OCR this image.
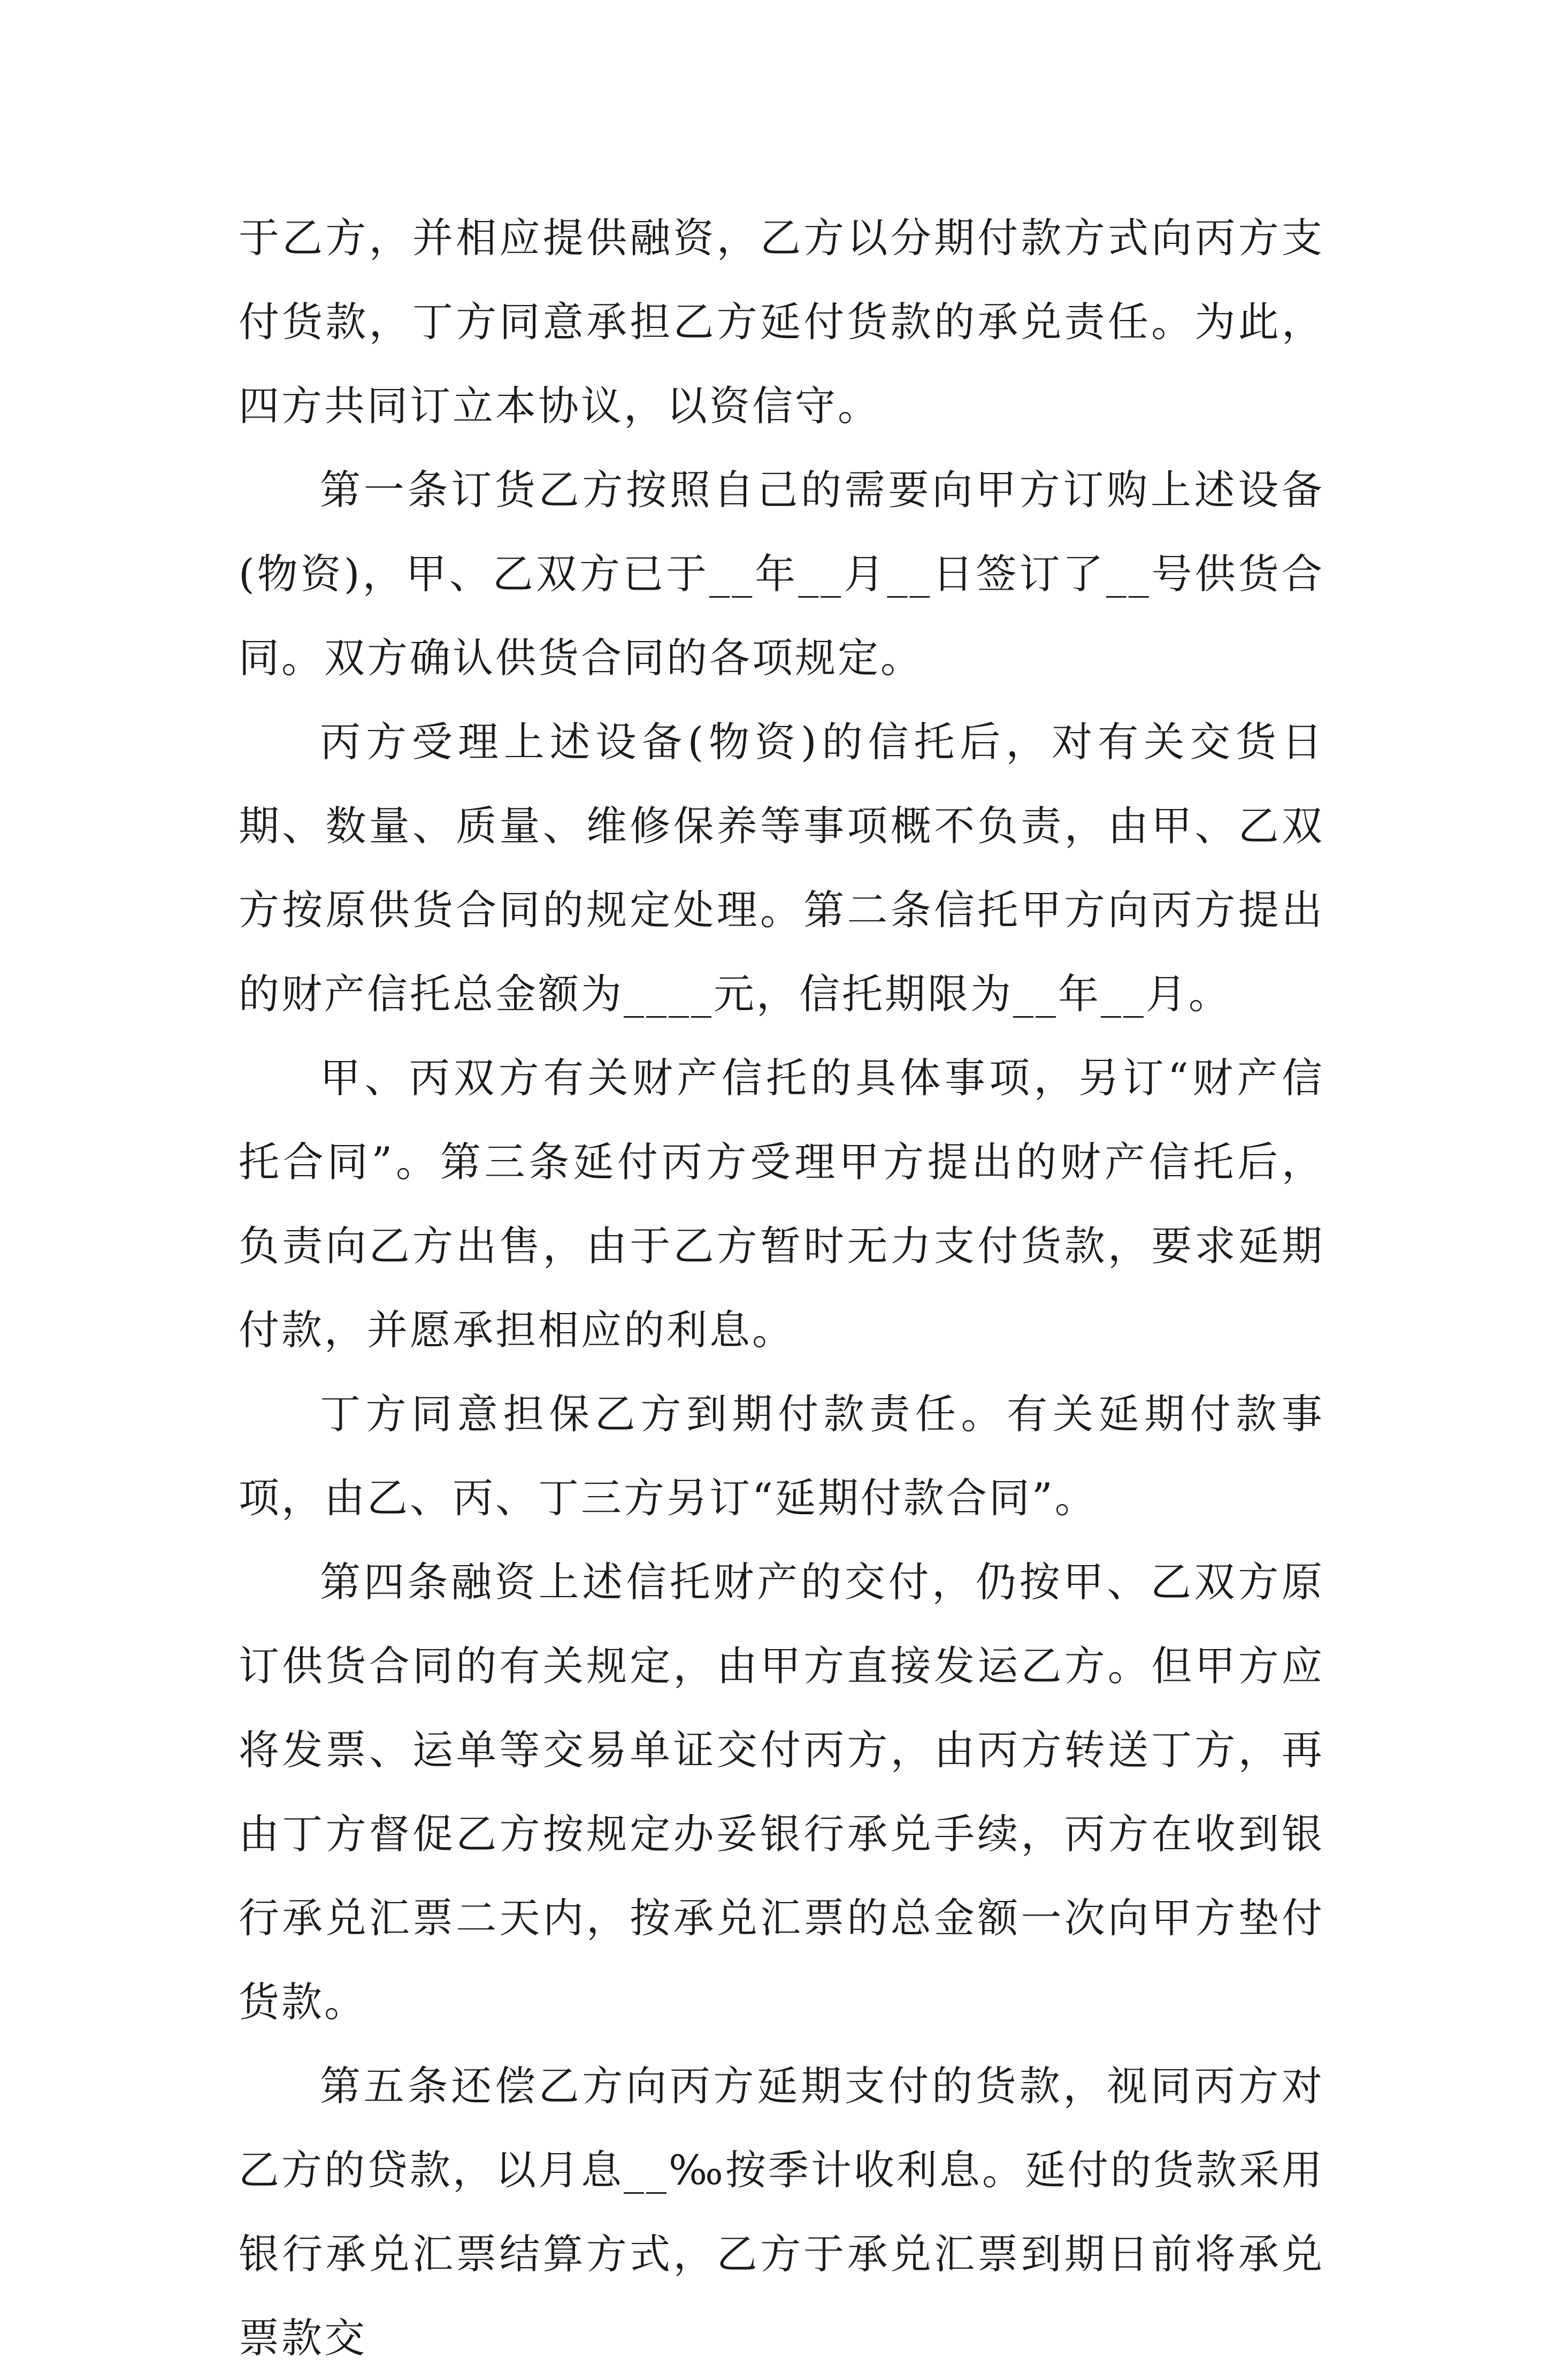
于乙方，并相应提供融资，乙方以分期付款方式向丙方支付货款，丁方同意承担乙方延付货款的承兑责任。为此，四方共同订立本协议，以资信守。

第一条订货乙方按照自己的需要向甲方订购上述设备(物资)，甲、乙双方已于__年__月__日签订了__号供货合同。双方确认供货合同的各项规定。

丙方受理上述设备(物资)的信托后，对有关交货日期、数量、质量、维修保养等事项概不负责，由甲、乙双方按原供货合同的规定处理。第二条信托甲方向丙方提出的财产信托总金额为____元，信托期限为__年__月。

甲、丙双方有关财产信托的具体事项，另订“财产信托合同”。第三条延付丙方受理甲方提出的财产信托后，负责向乙方出售，由于乙方暂时无力支付货款，要求延期付款，并愿承担相应的利息。

丁方同意担保乙方到期付款责任。有关延期付款事项，由乙、丙、丁三方另订“延期付款合同”。

第四条融资上述信托财产的交付，仍按甲、乙双方原订供货合同的有关规定，由甲方直接发运乙方。但甲方应将发票、运单等交易单证交付丙方，由丙方转送丁方，再由丁方督促乙方按规定办妥银行承兑手续，丙方在收到银行承兑汇票二天内，按承兑汇票的总金额一次向甲方垫付货款。

第五条还偿乙方向丙方延期支付的货款，视同丙方对乙方的贷款，以月息__‰按季计收利息。延付的货款采用银行承兑汇票结算方式，乙方于承兑汇票到期日前将承兑票款交
